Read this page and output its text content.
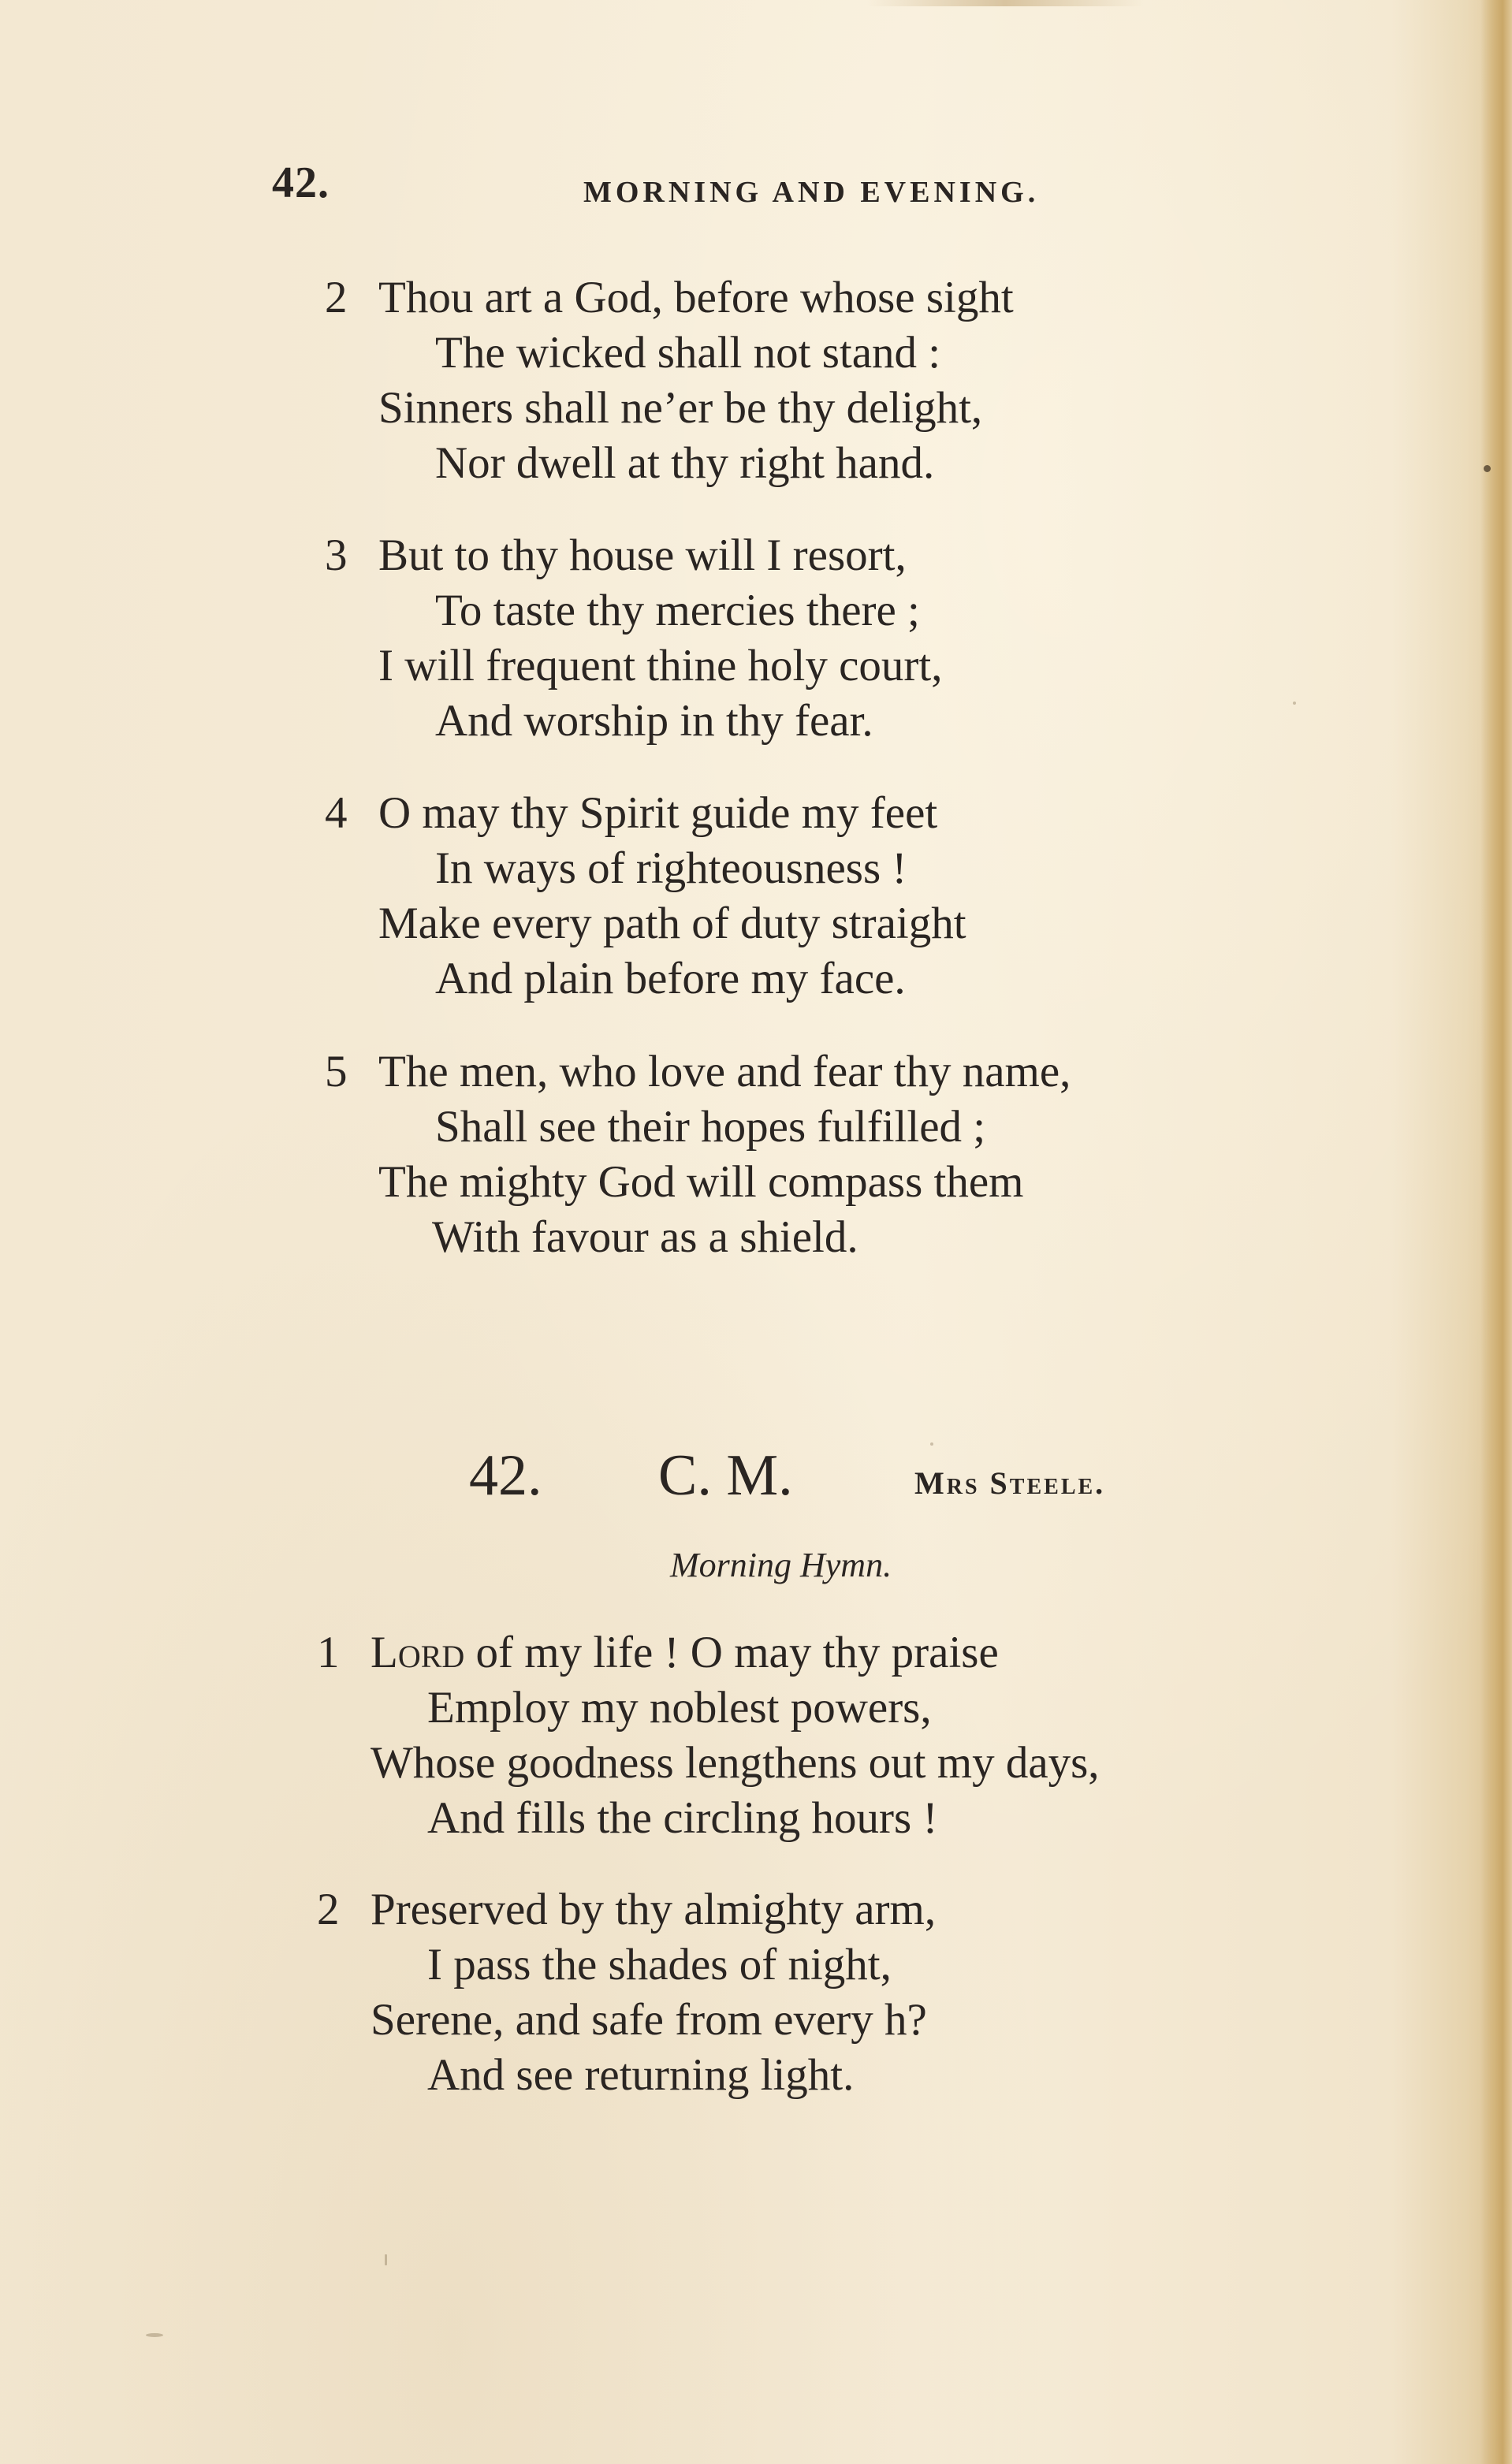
42.	MORNING AND EVENING.
2 Thou art a God, before whose sight
The wicked shall not stand :
Sinners shall ne’er be thy delight,
Nor dwell at thy right hand.
3 But to thy house will I resort,
To taste thy mercies there ;
I will frequent thine holy court,
And worship in thy fear.
4 O may thy Spirit guide my feet
In ways of righteousness !
Make every path of duty straight
And plain before my face.
5 The men, who love and fear thy name,
Shall see their hopes fulfilled ;
The mighty God will compass them
With favour as a shield.
42. C. M.	Mrs Steele.
Morning Hymn.
1 Lord of my life ! O may thy praise
Employ my noblest powers,
Whose goodness lengthens out my days,
And fills the circling hours !
2 Preserved by thy almighty arm,
I pass the shades of night,
Serene, and safe from every h?
And see returning light.
